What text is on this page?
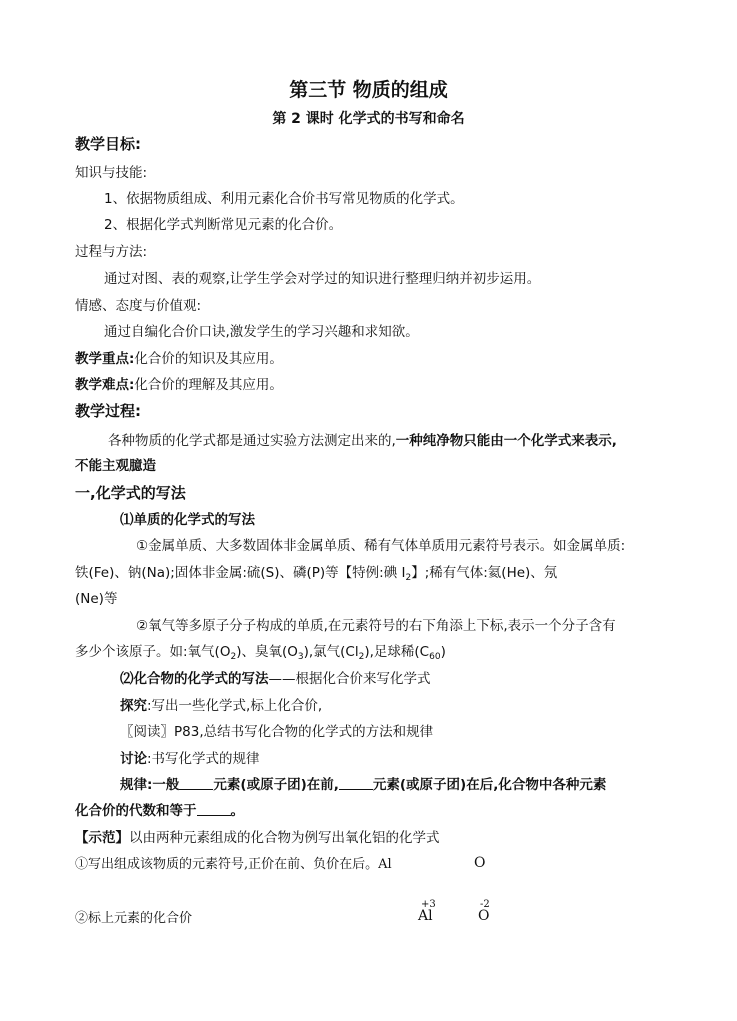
第三节 物质的组成
第 2 课时 化学式的书写和命名
教学目标:
知识与技能:
1、依据物质组成、利用元素化合价书写常见物质的化学式。
2、根据化学式判断常见元素的化合价。
过程与方法:
通过对图、表的观察,让学生学会对学过的知识进行整理归纳并初步运用。
情感、态度与价值观:
通过自编化合价口诀,激发学生的学习兴趣和求知欲。
教学重点:化合价的知识及其应用。
教学难点:化合价的理解及其应用。
教学过程:
各种物质的化学式都是通过实验方法测定出来的,一种纯净物只能由一个化学式来表示,
不能主观臆造
一,化学式的写法
⑴单质的化学式的写法
①金属单质、大多数固体非金属单质、稀有气体单质用元素符号表示。如金属单质:
铁(Fe)、钠(Na);固体非金属:硫(S)、磷(P)等【特例:碘 $I_2$】;稀有气体:氦(He)、氖
(Ne)等
②氧气等多原子分子构成的单质,在元素符号的右下角添上下标,表示一个分子含有
多少个该原子。如:氧气$(O_2)$、臭氧$(O_3)$,氯气$(Cl_2)$,足球稀$(C_{60})$
⑵化合物的化学式的写法——根据化合价来写化学式
探究:写出一些化学式,标上化合价,
〖阅读〗P83,总结书写化合物的化学式的方法和规律
讨论:书写化学式的规律
规律:一般	元素(或原子团)在前,	元素(或原子团)在后,化合物中各种元素
化合价的代数和等于	。
【示范】以由两种元素组成的化合物为例写出氧化铝的化学式
①写出组成该物质的元素符号,正价在前、负价在后。Al	O
②标上元素的化合价
+3
Al
-2
O
